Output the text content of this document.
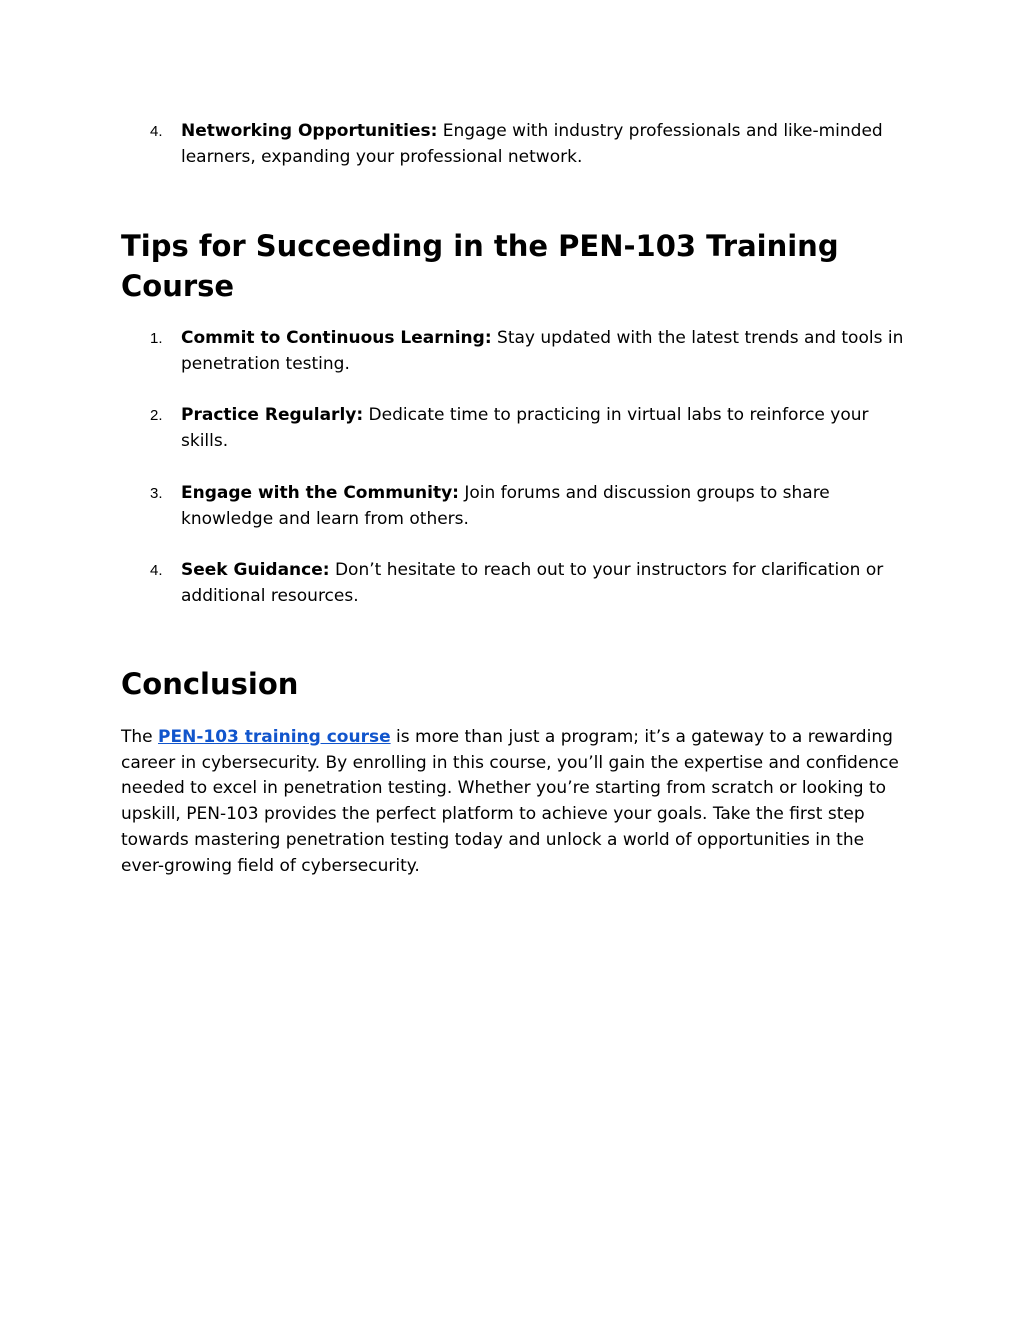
4. Networking Opportunities: Engage with industry professionals and like-minded learners, expanding your professional network.
Tips for Succeeding in the PEN-103 Training Course
1. Commit to Continuous Learning: Stay updated with the latest trends and tools in penetration testing.
2. Practice Regularly: Dedicate time to practicing in virtual labs to reinforce your skills.
3. Engage with the Community: Join forums and discussion groups to share knowledge and learn from others.
4. Seek Guidance: Don’t hesitate to reach out to your instructors for clarification or additional resources.
Conclusion

The PEN-103 training course is more than just a program; it’s a gateway to a rewarding career in cybersecurity. By enrolling in this course, you’ll gain the expertise and confidence needed to excel in penetration testing. Whether you’re starting from scratch or looking to upskill, PEN-103 provides the perfect platform to achieve your goals. Take the first step towards mastering penetration testing today and unlock a world of opportunities in the ever-growing field of cybersecurity.
